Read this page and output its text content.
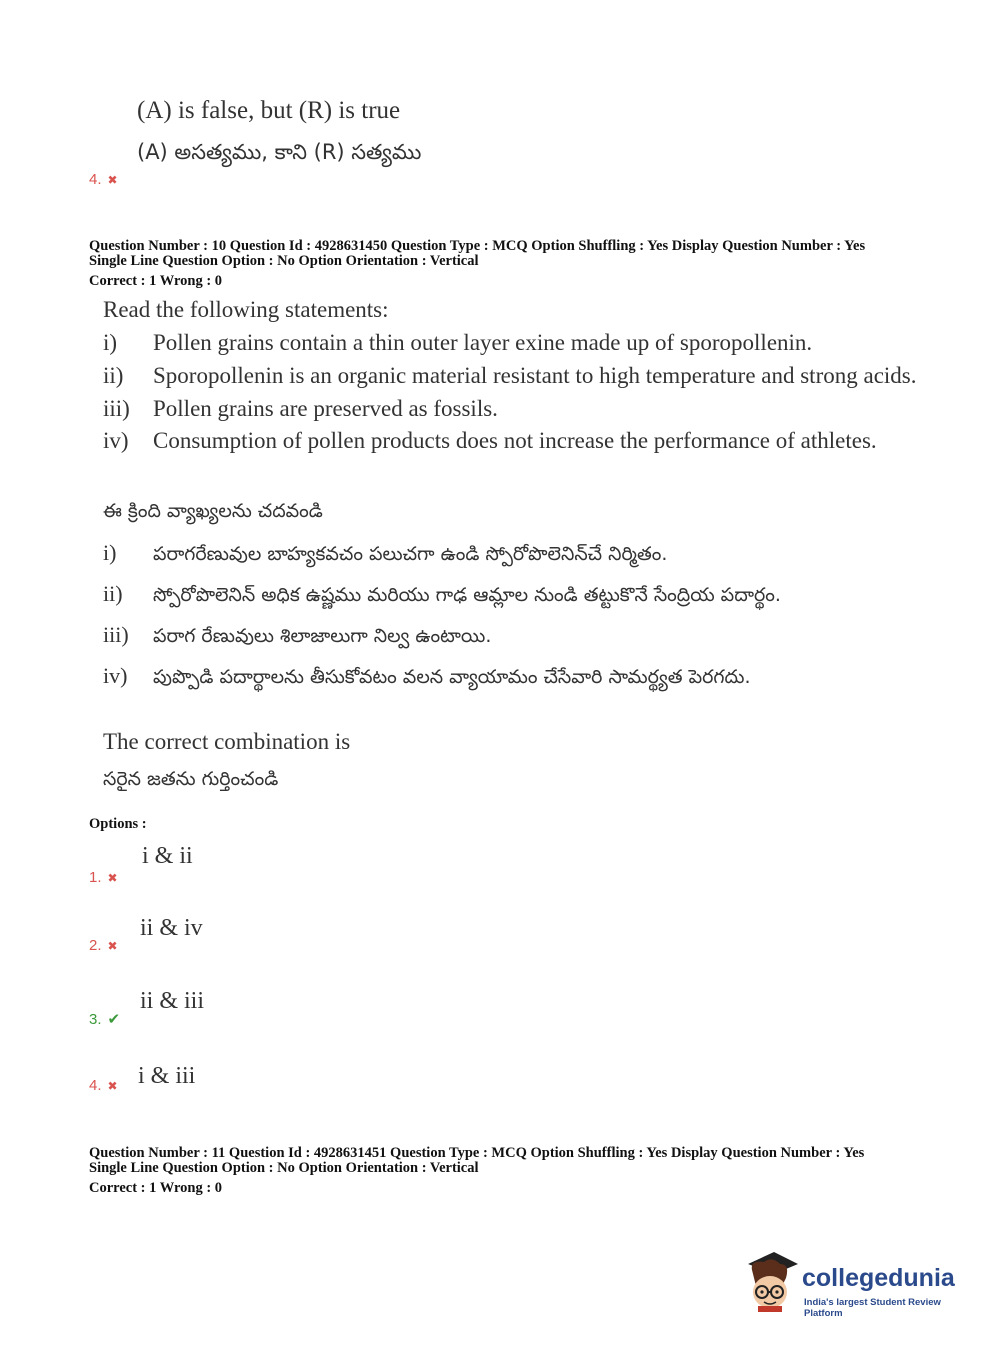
(A) is false, but (R) is true
(A) అసత్యము, కాని (R) సత్యము
4. ✖
Question Number : 10 Question Id : 4928631450 Question Type : MCQ Option Shuffling : Yes Display Question Number : Yes
Single Line Question Option : No Option Orientation : Vertical
Correct : 1 Wrong : 0
Read the following statements:
i) Pollen grains contain a thin outer layer exine made up of sporopollenin.
ii) Sporopollenin is an organic material resistant to high temperature and strong acids.
iii) Pollen grains are preserved as fossils.
iv) Consumption of pollen products does not increase the performance of athletes.
ఈ క్రింది వ్యాఖ్యలను చదవండి
i) పరాగరేణువుల బాహ్యకవచం పలుచగా ఉండి స్పోరోపొలెనిన్‌చే నిర్మితం.
ii) స్పోరోపొలెనిన్ అధిక ఉష్ణము మరియు గాఢ ఆమ్లాల నుండి తట్టుకొనే సేంద్రియ పదార్థం.
iii) పరాగ రేణువులు శిలాజాలుగా నిల్వ ఉంటాయి.
iv) పుప్పొడి పదార్థాలను తీసుకోవటం వలన వ్యాయామం చేసేవారి సామర్థ్యత పెరగదు.
The correct combination is
సరైన జతను గుర్తించండి
Options :
i & ii
1. ✖
ii & iv
2. ✖
ii & iii
3. ✔
i & iii
4. ✖
Question Number : 11 Question Id : 4928631451 Question Type : MCQ Option Shuffling : Yes Display Question Number : Yes
Single Line Question Option : No Option Orientation : Vertical
Correct : 1 Wrong : 0
collegedunia
India's largest Student Review Platform
